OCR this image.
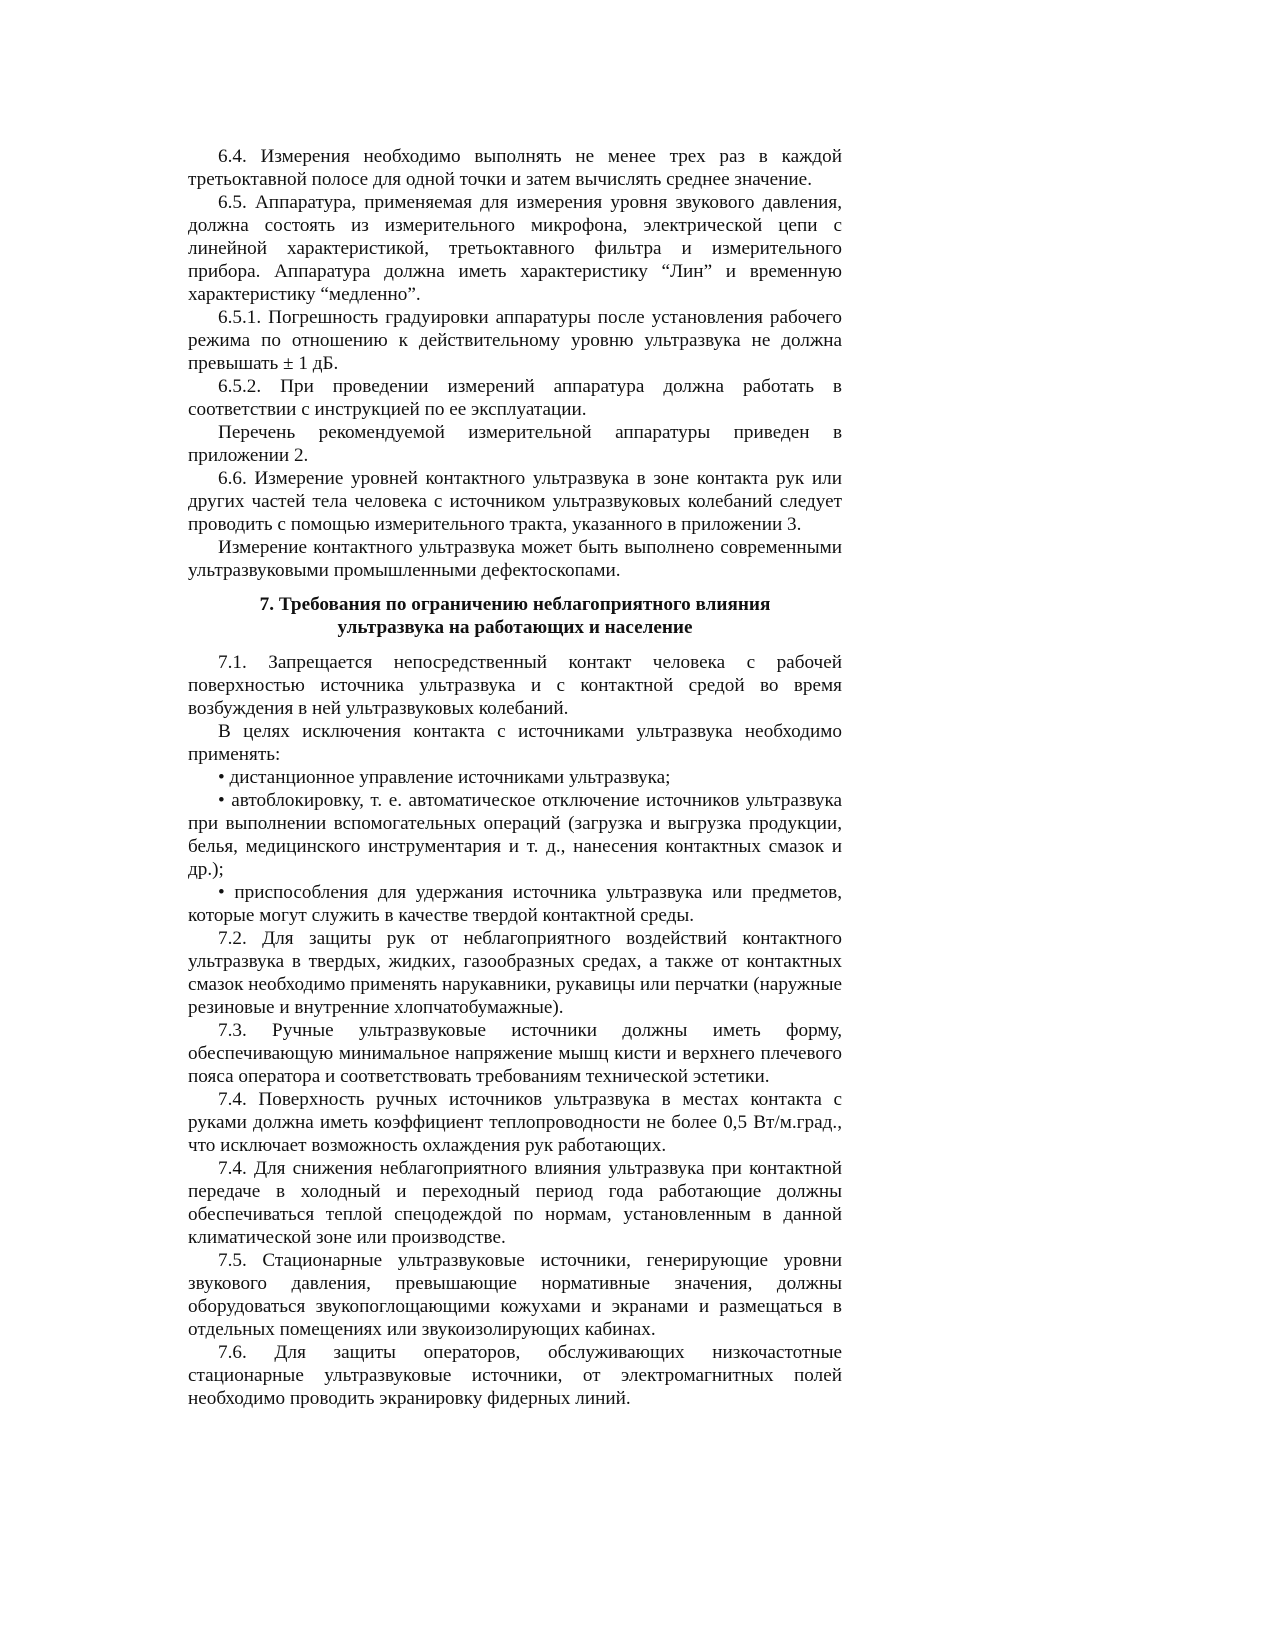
6.4. Измерения необходимо выполнять не менее трех раз в каждой третьоктавной полосе для одной точки и затем вычислять среднее значение.

6.5. Аппаратура, применяемая для измерения уровня звукового давления, должна состоять из измерительного микрофона, электрической цепи с линейной характеристикой, третьоктавного фильтра и измерительного прибора. Аппаратура должна иметь характеристику “Лин” и временную характеристику “медленно”.

6.5.1. Погрешность градуировки аппаратуры после установления рабочего режима по отношению к действительному уровню ультразвука не должна превышать ± 1 дБ.

6.5.2. При проведении измерений аппаратура должна работать в соответствии с инструкцией по ее эксплуатации.

Перечень рекомендуемой измерительной аппаратуры приведен в приложении 2.

6.6. Измерение уровней контактного ультразвука в зоне контакта рук или других частей тела человека с источником ультразвуковых колебаний следует проводить с помощью измерительного тракта, указанного в приложении 3.

Измерение контактного ультразвука может быть выполнено современными ультразвуковыми промышленными дефектоскопами.

7. Требования по ограничению неблагоприятного влияния
ультразвука на работающих и население

7.1. Запрещается непосредственный контакт человека с рабочей поверхностью источника ультразвука и с контактной средой во время возбуждения в ней ультразвуковых колебаний.

В целях исключения контакта с источниками ультразвука необходимо применять:

• дистанционное управление источниками ультразвука;

• автоблокировку, т. е. автоматическое отключение источников ультразвука при выполнении вспомогательных операций (загрузка и выгрузка продукции, белья, медицинского инструментария и т. д., нанесения контактных смазок и др.);

• приспособления для удержания источника ультразвука или предметов, которые могут служить в качестве твердой контактной среды.

7.2. Для защиты рук от неблагоприятного воздействий контактного ультразвука в твердых, жидких, газообразных средах, а также от контактных смазок необходимо применять нарукавники, рукавицы или перчатки (наружные резиновые и внутренние хлопчатобумажные).

7.3. Ручные ультразвуковые источники должны иметь форму, обеспечивающую минимальное напряжение мышц кисти и верхнего плечевого пояса оператора и соответствовать требованиям технической эстетики.

7.4. Поверхность ручных источников ультразвука в местах контакта с руками должна иметь коэффициент теплопроводности не более 0,5 Вт/м.град., что исключает возможность охлаждения рук работающих.

7.4. Для снижения неблагоприятного влияния ультразвука при контактной передаче в холодный и переходный период года работающие должны обеспечиваться теплой спецодеждой по нормам, установленным в данной климатической зоне или производстве.

7.5. Стационарные ультразвуковые источники, генерирующие уровни звукового давления, превышающие нормативные значения, должны оборудоваться звукопоглощающими кожухами и экранами и размещаться в отдельных помещениях или звукоизолирующих кабинах.

7.6. Для защиты операторов, обслуживающих низкочастотные стационарные ультразвуковые источники, от электромагнитных полей необходимо проводить экранировку фидерных линий.
